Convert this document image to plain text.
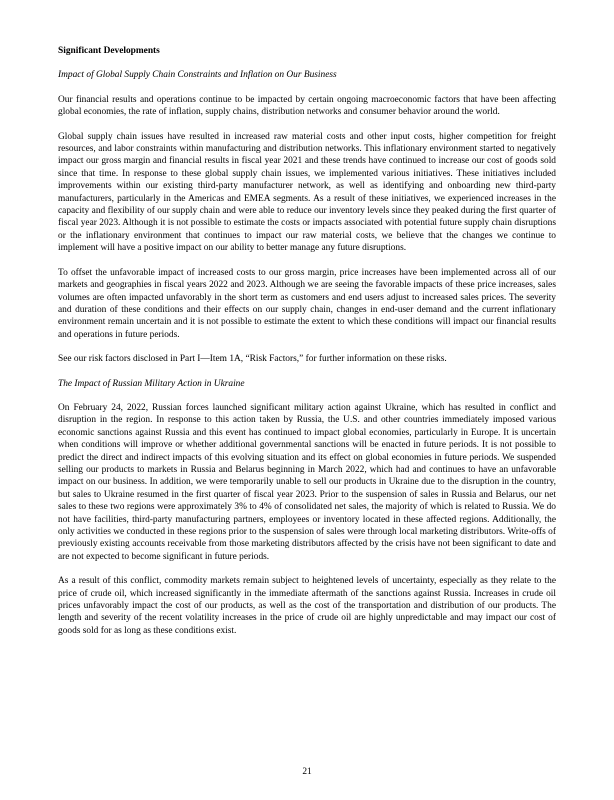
Significant Developments
Impact of Global Supply Chain Constraints and Inflation on Our Business

Our financial results and operations continue to be impacted by certain ongoing macroeconomic factors that have been affecting global economies, the rate of inflation, supply chains, distribution networks and consumer behavior around the world.

Global supply chain issues have resulted in increased raw material costs and other input costs, higher competition for freight resources, and labor constraints within manufacturing and distribution networks. This inflationary environment started to negatively impact our gross margin and financial results in fiscal year 2021 and these trends have continued to increase our cost of goods sold since that time. In response to these global supply chain issues, we implemented various initiatives. These initiatives included improvements within our existing third-party manufacturer network, as well as identifying and onboarding new third-party manufacturers, particularly in the Americas and EMEA segments. As a result of these initiatives, we experienced increases in the capacity and flexibility of our supply chain and were able to reduce our inventory levels since they peaked during the first quarter of fiscal year 2023. Although it is not possible to estimate the costs or impacts associated with potential future supply chain disruptions or the inflationary environment that continues to impact our raw material costs, we believe that the changes we continue to implement will have a positive impact on our ability to better manage any future disruptions.

To offset the unfavorable impact of increased costs to our gross margin, price increases have been implemented across all of our markets and geographies in fiscal years 2022 and 2023. Although we are seeing the favorable impacts of these price increases, sales volumes are often impacted unfavorably in the short term as customers and end users adjust to increased sales prices. The severity and duration of these conditions and their effects on our supply chain, changes in end-user demand and the current inflationary environment remain uncertain and it is not possible to estimate the extent to which these conditions will impact our financial results and operations in future periods.

See our risk factors disclosed in Part I—Item 1A, “Risk Factors,” for further information on these risks.

The Impact of Russian Military Action in Ukraine

On February 24, 2022, Russian forces launched significant military action against Ukraine, which has resulted in conflict and disruption in the region. In response to this action taken by Russia, the U.S. and other countries immediately imposed various economic sanctions against Russia and this event has continued to impact global economies, particularly in Europe. It is uncertain when conditions will improve or whether additional governmental sanctions will be enacted in future periods. It is not possible to predict the direct and indirect impacts of this evolving situation and its effect on global economies in future periods. We suspended selling our products to markets in Russia and Belarus beginning in March 2022, which had and continues to have an unfavorable impact on our business. In addition, we were temporarily unable to sell our products in Ukraine due to the disruption in the country, but sales to Ukraine resumed in the first quarter of fiscal year 2023. Prior to the suspension of sales in Russia and Belarus, our net sales to these two regions were approximately 3% to 4% of consolidated net sales, the majority of which is related to Russia. We do not have facilities, third-party manufacturing partners, employees or inventory located in these affected regions. Additionally, the only activities we conducted in these regions prior to the suspension of sales were through local marketing distributors. Write-offs of previously existing accounts receivable from those marketing distributors affected by the crisis have not been significant to date and are not expected to become significant in future periods.

As a result of this conflict, commodity markets remain subject to heightened levels of uncertainty, especially as they relate to the price of crude oil, which increased significantly in the immediate aftermath of the sanctions against Russia. Increases in crude oil prices unfavorably impact the cost of our products, as well as the cost of the transportation and distribution of our products. The length and severity of the recent volatility increases in the price of crude oil are highly unpredictable and may impact our cost of goods sold for as long as these conditions exist.

21
